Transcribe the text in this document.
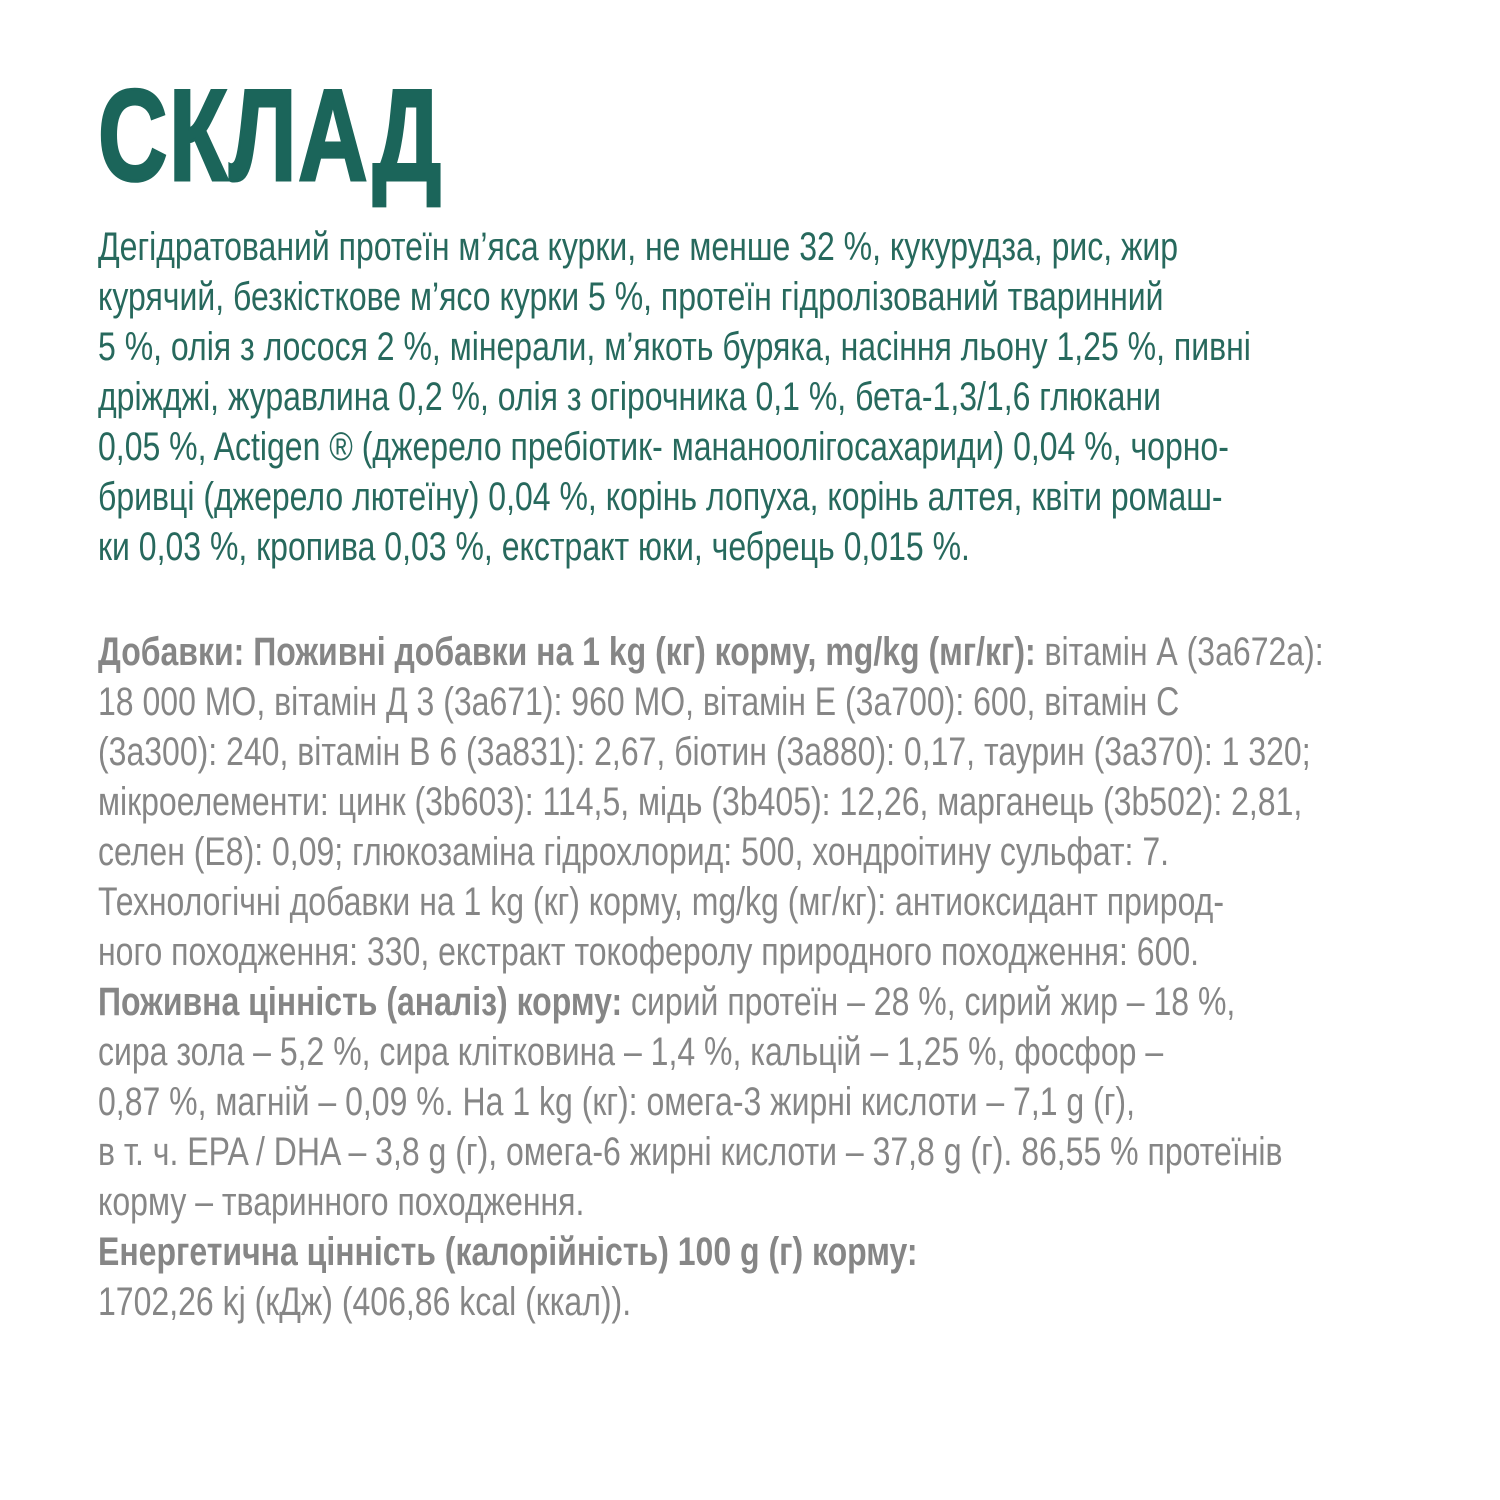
СКЛАД
Дегідратований протеїн м’яса курки, не менше 32 %, кукурудза, рис, жир
курячий, безкісткове м’ясо курки 5 %, протеїн гідролізований тваринний
5 %, олія з лосося 2 %, мінерали, м’якоть буряка, насіння льону 1,25 %, пивні
дріжджі, журавлина 0,2 %, олія з огірочника 0,1 %, бета-1,3/1,6 глюкани
0,05 %, Actigen ® (джерело пребіотик- мананоолігосахариди) 0,04 %, чорно-
бривці (джерело лютеїну) 0,04 %, корінь лопуха, корінь алтея, квіти ромаш-
ки 0,03 %, кропива 0,03 %, екстракт юки, чебрець 0,015 %.
Добавки: Поживні добавки на 1 kg (кг) корму, mg/kg (мг/кг): вітамін А (3а672а):
18 000 МО, вітамін Д 3 (3а671): 960 МО, вітамін Е (3а700): 600, вітамін С
(3а300): 240, вітамін В 6 (3а831): 2,67, біотин (3а880): 0,17, таурин (3а370): 1 320;
мікроелементи: цинк (3b603): 114,5, мідь (3b405): 12,26, марганець (3b502): 2,81,
селен (Е8): 0,09; глюкозаміна гідрохлорид: 500, хондроітину сульфат: 7.
Технологічні добавки на 1 kg (кг) корму, mg/kg (мг/кг): антиоксидант природ-
ного походження: 330, екстракт токоферолу природного походження: 600.
Поживна цінність (аналіз) корму: сирий протеїн – 28 %, сирий жир – 18 %,
сира зола – 5,2 %, сира клітковина – 1,4 %, кальцій – 1,25 %, фосфор –
0,87 %, магній – 0,09 %. На 1 kg (кг): омега-3 жирні кислоти – 7,1 g (г),
в т. ч. EPA / DHA – 3,8 g (г), омега-6 жирні кислоти – 37,8 g (г). 86,55 % протеїнів
корму – тваринного походження.
Енергетична цінність (калорійність) 100 g (г) корму:
1702,26 kj (кДж) (406,86 kcal (ккал)).
